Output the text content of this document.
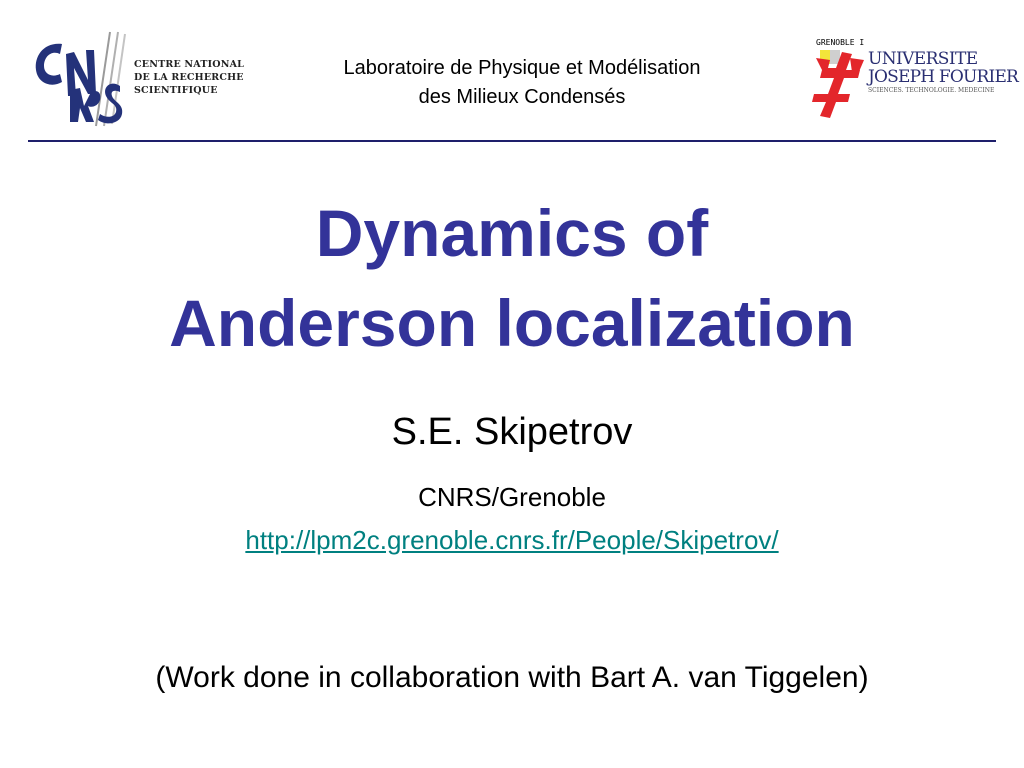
CENTRE NATIONAL
DE LA RECHERCHE
SCIENTIFIQUE
Laboratoire de Physique et Modélisation
des Milieux Condensés
GRENOBLE I
UNIVERSITE
JOSEPH FOURIER
SCIENCES. TECHNOLOGIE. MEDECINE
Dynamics of
Anderson localization
S.E. Skipetrov
CNRS/Grenoble
http://lpm2c.grenoble.cnrs.fr/People/Skipetrov/
(Work done in collaboration with Bart A. van Tiggelen)
